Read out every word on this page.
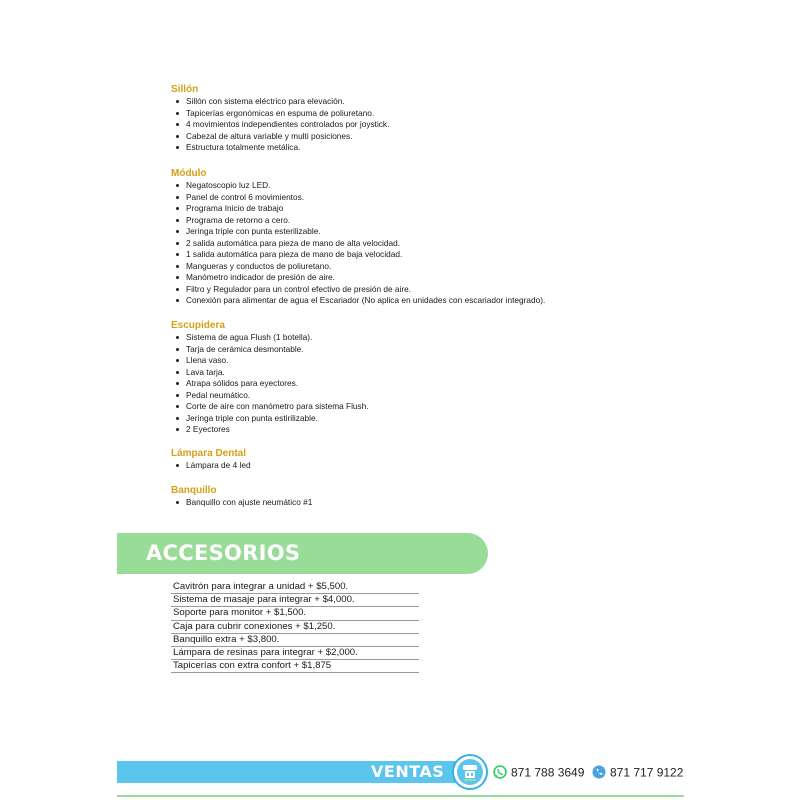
Sillón

Sillón con sistema eléctrico para elevación.
Tapicerías ergonómicas en espuma de poliuretano.
4 movimientos independientes controlados por joystick.
Cabezal de altura variable y multi posiciones.
Estructura totalmente metálica.

Módulo

Negatoscopio luz LED.
Panel de control 6 movimientos.
Programa Inicio de trabajo
Programa de retorno a cero.
Jeringa triple con punta esterilizable.
2 salida automática para pieza de mano de alta velocidad.
1 salida automática para pieza de mano de baja velocidad.
Mangueras y conductos de poliuretano.
Manómetro indicador de presión de aire.
Filtro y Regulador para un control efectivo de presión de aire.
Conexión para alimentar de agua el Escariador (No aplica en unidades con escariador integrado).

Escupidera

Sistema de agua Flush (1 botella).
Tarja de cerámica desmontable.
Llena vaso.
Lava tarja.
Atrapa sólidos para eyectores.
Pedal neumático.
Corte de aire con manómetro para sistema Flush.
Jeringa triple con punta estirilizable.
2 Eyectores

Lámpara Dental

Lámpara de 4 led

Banquillo

Banquillo con ajuste neumático #1
ACCESORIOS
Cavitrón para integrar a unidad + $5,500.
Sistema de masaje para integrar + $4,000.
Soporte para monitor + $1,500.
Caja para cubrir conexiones + $1,250.
Banquillo extra + $3,800.
Lámpara de resinas para integrar + $2,000.
Tapicerías con extra confort + $1,875
VENTAS	871 788 3649	871 717 9122
